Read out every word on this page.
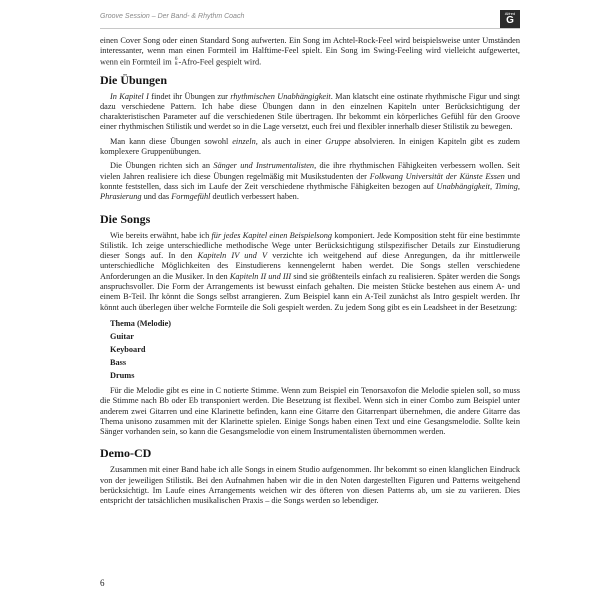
Groove Session – Der Band- & Rhythm Coach	Alfred
G

einen Cover Song oder einen Standard Song aufwerten. Ein Song im Achtel-Rock-Feel wird beispielsweise unter Umständen interessanter, wenn man einen Formteil im Halftime-Feel spielt. Ein Song im Swing-Feeling wird vielleicht aufgewertet, wenn ein Formteil im 6
8 -Afro-Feel gespielt wird.

Die Übungen

In Kapitel I findet ihr Übungen zur rhythmischen Unabhängigkeit. Man klatscht eine ostinate rhythmische Figur und singt dazu verschiedene Pattern. Ich habe diese Übungen dann in den einzelnen Kapiteln unter Berücksichtigung der charakteristischen Parameter auf die verschiedenen Stile übertragen. Ihr bekommt ein körperliches Gefühl für den Groove einer rhythmischen Stilistik und werdet so in die Lage versetzt, euch frei und flexibler innerhalb dieser Stilistik zu bewegen.

Man kann diese Übungen sowohl einzeln, als auch in einer Gruppe absolvieren. In einigen Kapiteln gibt es zudem komplexere Gruppenübungen.

Die Übungen richten sich an Sänger und Instrumentalisten, die ihre rhythmischen Fähigkeiten verbessern wollen. Seit vielen Jahren realisiere ich diese Übungen regelmäßig mit Musikstudenten der Folkwang Universität der Künste Essen und konnte feststellen, dass sich im Laufe der Zeit verschiedene rhythmische Fähigkeiten bezogen auf Unabhängigkeit, Timing, Phrasierung und das Formgefühl deutlich verbessert haben.

Die Songs

Wie bereits erwähnt, habe ich für jedes Kapitel einen Beispielsong komponiert. Jede Komposition steht für eine bestimmte Stilistik. Ich zeige unterschiedliche methodische Wege unter Berücksichtigung stilspezifischer Details zur Einstudierung dieser Songs auf. In den Kapiteln IV und V verzichte ich weitgehend auf diese Anregungen, da ihr mittlerweile unterschiedliche Möglichkeiten des Einstudierens kennengelernt haben werdet. Die Songs stellen verschiedene Anforderungen an die Musiker. In den Kapiteln II und III sind sie größtenteils einfach zu realisieren. Später werden die Songs anspruchsvoller. Die Form der Arrangements ist bewusst einfach gehalten. Die meisten Stücke bestehen aus einem A- und einem B-Teil. Ihr könnt die Songs selbst arrangieren. Zum Beispiel kann ein A-Teil zunächst als Intro gespielt werden. Ihr könnt auch überlegen über welche Formteile die Soli gespielt werden. Zu jedem Song gibt es ein Leadsheet in der Besetzung:

Thema (Melodie)
Guitar
Keyboard
Bass
Drums

Für die Melodie gibt es eine in C notierte Stimme. Wenn zum Beispiel ein Tenorsaxofon die Melodie spielen soll, so muss die Stimme nach Bb oder Eb transponiert werden. Die Besetzung ist flexibel. Wenn sich in einer Combo zum Beispiel unter anderem zwei Gitarren und eine Klarinette befinden, kann eine Gitarre den Gitarrenpart übernehmen, die andere Gitarre das Thema unisono zusammen mit der Klarinette spielen. Einige Songs haben einen Text und eine Gesangsmelodie. Sollte kein Sänger vorhanden sein, so kann die Gesangsmelodie von einem Instrumentalisten übernommen werden.

Demo-CD

Zusammen mit einer Band habe ich alle Songs in einem Studio aufgenommen. Ihr bekommt so einen klanglichen Eindruck von der jeweiligen Stilistik. Bei den Aufnahmen haben wir die in den Noten dargestellten Figuren und Patterns weitgehend berücksichtigt. Im Laufe eines Arrangements weichen wir des öfteren von diesen Patterns ab, um sie zu variieren. Dies entspricht der tatsächlichen musikalischen Praxis – die Songs werden so lebendiger.

6
